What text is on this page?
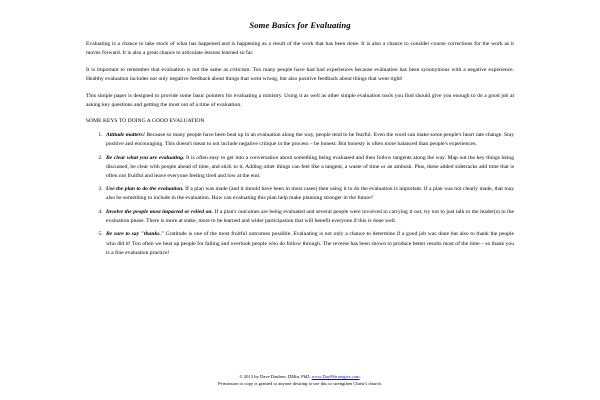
Some Basics for Evaluating

Evaluating is a chance to take stock of what has happened and is happening as a result of the work that has been done. It is also a chance to consider course corrections for the work as it moves forward. It is also a great chance to articulate lessons learned so far.

It is important to remember that evaluation is not the same as criticism. Too many people have had bad experiences because evaluation has been synonymous with a negative experience. Healthy evaluation includes not only negative feedback about things that went wrong, but also positive feedback about things that went right!

This simple paper is designed to provide some basic pointers for evaluating a ministry. Using it as well as other simple evaluation tools you find should give you enough to do a good job at asking key questions and getting the most out of a time of evaluation.

SOME KEYS TO DOING A GOOD EVALUATION
1. Attitude matters! Because so many people have been beat up in an evaluation along the way, people tend to be fearful. Even the word can make some people's heart rate change. Stay positive and encouraging. This doesn't mean to not include negative critique in the process – be honest. But honesty is often more balanced than people's experiences.
2. Be clear what you are evaluating. It is often easy to get into a conversation about something being evaluated and then follow tangents along the way. Map out the key things being discussed, be clear with people ahead of time, and stick to it. Adding other things can feel like a tangent, a waste of time or an ambush. Plus, these added sidetracks add time that is often not fruitful and leave everyone feeling tired and low at the end.
3. Use the plan to do the evaluation. If a plan was made (and it should have been in most cases) then using it to do the evaluation is important. If a plan was not clearly made, that may also be something to include in the evaluation. How can evaluating this plan help make planning stronger in the future?
4. Involve the people most impacted or relied on. If a plan's outcomes are being evaluated and several people were involved in carrying it out, try not to just talk to the leader(s) in the evaluation phase. There is more at stake, more to be learned and wider participation that will benefit everyone if this is done well.
5. Be sure to say "thanks." Gratitude is one of the most fruitful outcomes possible. Evaluating is not only a chance to determine if a good job was done but also to thank the people who did it! Too often we beat up people for failing and overlook people who do follow through. The reverse has been shown to produce better results most of the time – so thank you is a fine evaluation practice!
© 2013 by Dave Daubert, DMin, PhD, www.Day8Strategies.com.
Permission to copy is granted to anyone desiring to use this to strengthen Christ's church.
